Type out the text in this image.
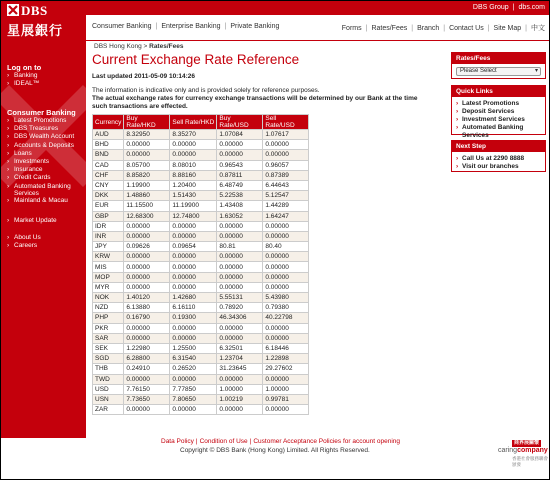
DBS Group | dbs.com
DBS
星展銀行	Consumer Banking | Enterprise Banking | Private Banking	Forms | Rates/Fees | Branch | Contact Us | Site Map | 中文
Log on to
› Banking
› IDEAL™
Consumer Banking
› Latest Promotions
› DBS Treasures
› DBS Wealth Account
› Accounts & Deposits
› Loans
› Investments
› Insurance
› Credit Cards
› Automated Banking Services
› Mainland & Macau
› Market Update
› About Us
› Careers
DBS Hong Kong > Rates/Fees
Current Exchange Rate Reference
Last updated 2011-05-09 10:14:26
The information is indicative only and is provided solely for reference purposes.
The actual exchange rates for currency exchange transactions will be determined by our Bank at the time such transactions are effected.
Currency	Buy Rate/HKD	Sell Rate/HKD	Buy Rate/USD	Sell Rate/USD
AUD	8.32950	8.35270	1.07084	1.07617
BHD	0.00000	0.00000	0.00000	0.00000
BND	0.00000	0.00000	0.00000	0.00000
CAD	8.05700	8.08010	0.96543	0.96057
CHF	8.85820	8.88160	0.87811	0.87389
CNY	1.19900	1.20400	6.48749	6.44643
DKK	1.48860	1.51430	5.22538	5.12547
EUR	11.15500	11.19900	1.43408	1.44289
GBP	12.68300	12.74800	1.63052	1.64247
IDR	0.00000	0.00000	0.00000	0.00000
INR	0.00000	0.00000	0.00000	0.00000
JPY	0.09626	0.09654	80.81	80.40
KRW	0.00000	0.00000	0.00000	0.00000
MIS	0.00000	0.00000	0.00000	0.00000
MOP	0.00000	0.00000	0.00000	0.00000
MYR	0.00000	0.00000	0.00000	0.00000
NOK	1.40120	1.42680	5.55131	5.43980
NZD	6.13880	6.16110	0.78920	0.79380
PHP	0.16790	0.19300	46.34306	40.22798
PKR	0.00000	0.00000	0.00000	0.00000
SAR	0.00000	0.00000	0.00000	0.00000
SEK	1.22980	1.25500	6.32501	6.18446
SGD	6.28800	6.31540	1.23704	1.22898
THB	0.24910	0.26520	31.23645	29.27602
TWD	0.00000	0.00000	0.00000	0.00000
USD	7.76150	7.77850	1.00000	1.00000
USN	7.73650	7.80650	1.00219	0.99781
ZAR	0.00000	0.00000	0.00000	0.00000
Rates/Fees
Please Select	▾
Quick Links
› Latest Promotions
› Deposit Services
› Investment Services
› Automated Banking Services
Next Step
› Call Us at 2290 8888
› Visit our branches
Data Policy | Condition of Use | Customer Acceptance Policies for account opening
Copyright © DBS Bank (Hong Kong) Limited. All Rights Reserved.
商界展關懷
caringcompany
香港社會服務聯會頒發
